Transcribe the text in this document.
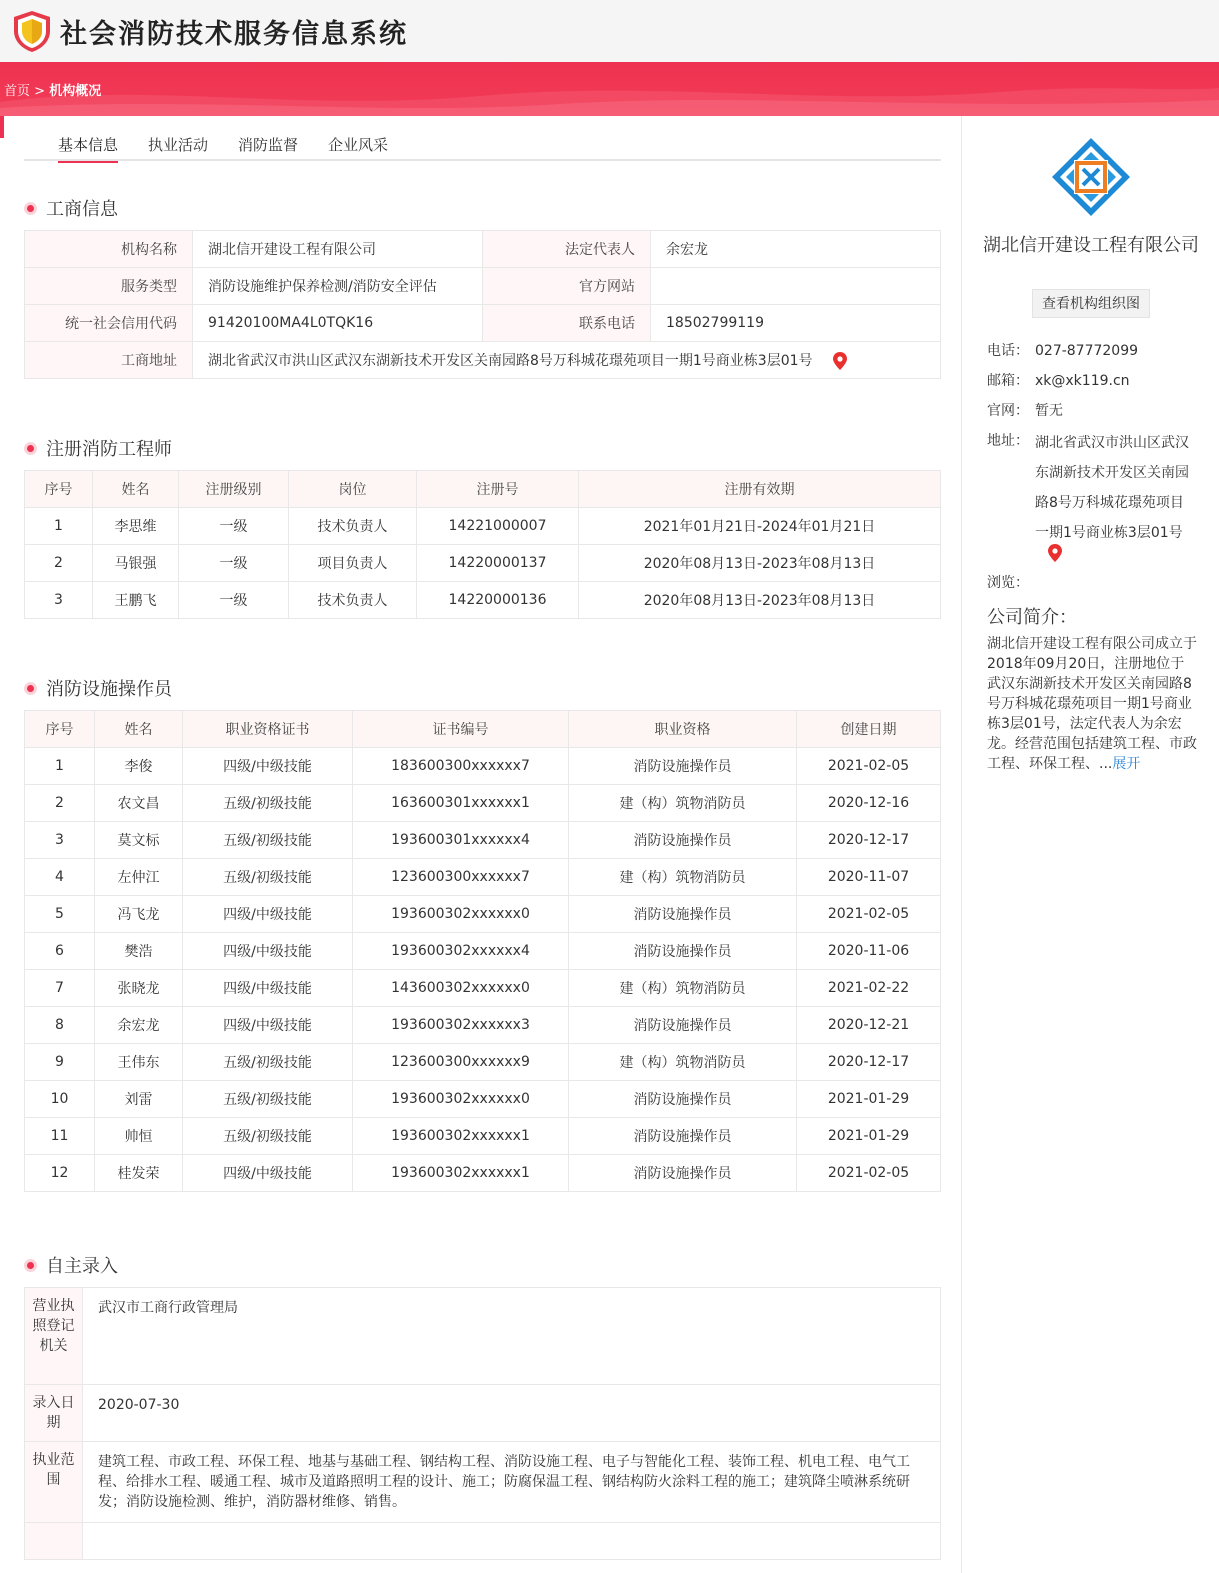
社会消防技术服务信息系统
首页 > 机构概况
基本信息 执业活动 消防监督 企业风采
工商信息
机构名称	湖北信开建设工程有限公司	法定代表人	余宏龙
服务类型	消防设施维护保养检测/消防安全评估	官方网站	
统一社会信用代码	91420100MA4L0TQK16	联系电话	18502799119
工商地址	湖北省武汉市洪山区武汉东湖新技术开发区关南园路8号万科城花璟苑项目一期1号商业栋3层01号		
注册消防工程师
序号	姓名	注册级别	岗位	注册号	注册有效期
1	李思维	一级	技术负责人	14221000007	2021年01月21日-2024年01月21日
2	马银强	一级	项目负责人	14220000137	2020年08月13日-2023年08月13日
3	王鹏飞	一级	技术负责人	14220000136	2020年08月13日-2023年08月13日
消防设施操作员
序号	姓名	职业资格证书	证书编号	职业资格	创建日期
1	李俊	四级/中级技能	183600300xxxxxx7	消防设施操作员	2021-02-05
2	农文昌	五级/初级技能	163600301xxxxxx1	建（构）筑物消防员	2020-12-16
3	莫文标	五级/初级技能	193600301xxxxxx4	消防设施操作员	2020-12-17
4	左仲江	五级/初级技能	123600300xxxxxx7	建（构）筑物消防员	2020-11-07
5	冯飞龙	四级/中级技能	193600302xxxxxx0	消防设施操作员	2021-02-05
6	樊浩	四级/中级技能	193600302xxxxxx4	消防设施操作员	2020-11-06
7	张晓龙	四级/中级技能	143600302xxxxxx0	建（构）筑物消防员	2021-02-22
8	余宏龙	四级/中级技能	193600302xxxxxx3	消防设施操作员	2020-12-21
9	王伟东	五级/初级技能	123600300xxxxxx9	建（构）筑物消防员	2020-12-17
10	刘雷	五级/初级技能	193600302xxxxxx0	消防设施操作员	2021-01-29
11	帅恒	五级/初级技能	193600302xxxxxx1	消防设施操作员	2021-01-29
12	桂发荣	四级/中级技能	193600302xxxxxx1	消防设施操作员	2021-02-05
自主录入
营业执照登记机关	武汉市工商行政管理局
录入日期	2020-07-30
执业范围	建筑工程、市政工程、环保工程、地基与基础工程、钢结构工程、消防设施工程、电子与智能化工程、装饰工程、机电工程、电气工程、给排水工程、暖通工程、城市及道路照明工程的设计、施工；防腐保温工程、钢结构防火涂料工程的施工；建筑降尘喷淋系统研发；消防设施检测、维护，消防器材维修、销售。

湖北信开建设工程有限公司
查看机构组织图
电话： 027-87772099
邮箱： xk@xk119.cn
官网： 暂无
地址： 湖北省武汉市洪山区武汉东湖新技术开发区关南园路8号万科城花璟苑项目一期1号商业栋3层01号
浏览：
公司简介：
湖北信开建设工程有限公司成立于2018年09月20日，注册地位于武汉东湖新技术开发区关南园路8号万科城花璟苑项目一期1号商业栋3层01号，法定代表人为余宏龙。经营范围包括建筑工程、市政工程、环保工程、...展开
